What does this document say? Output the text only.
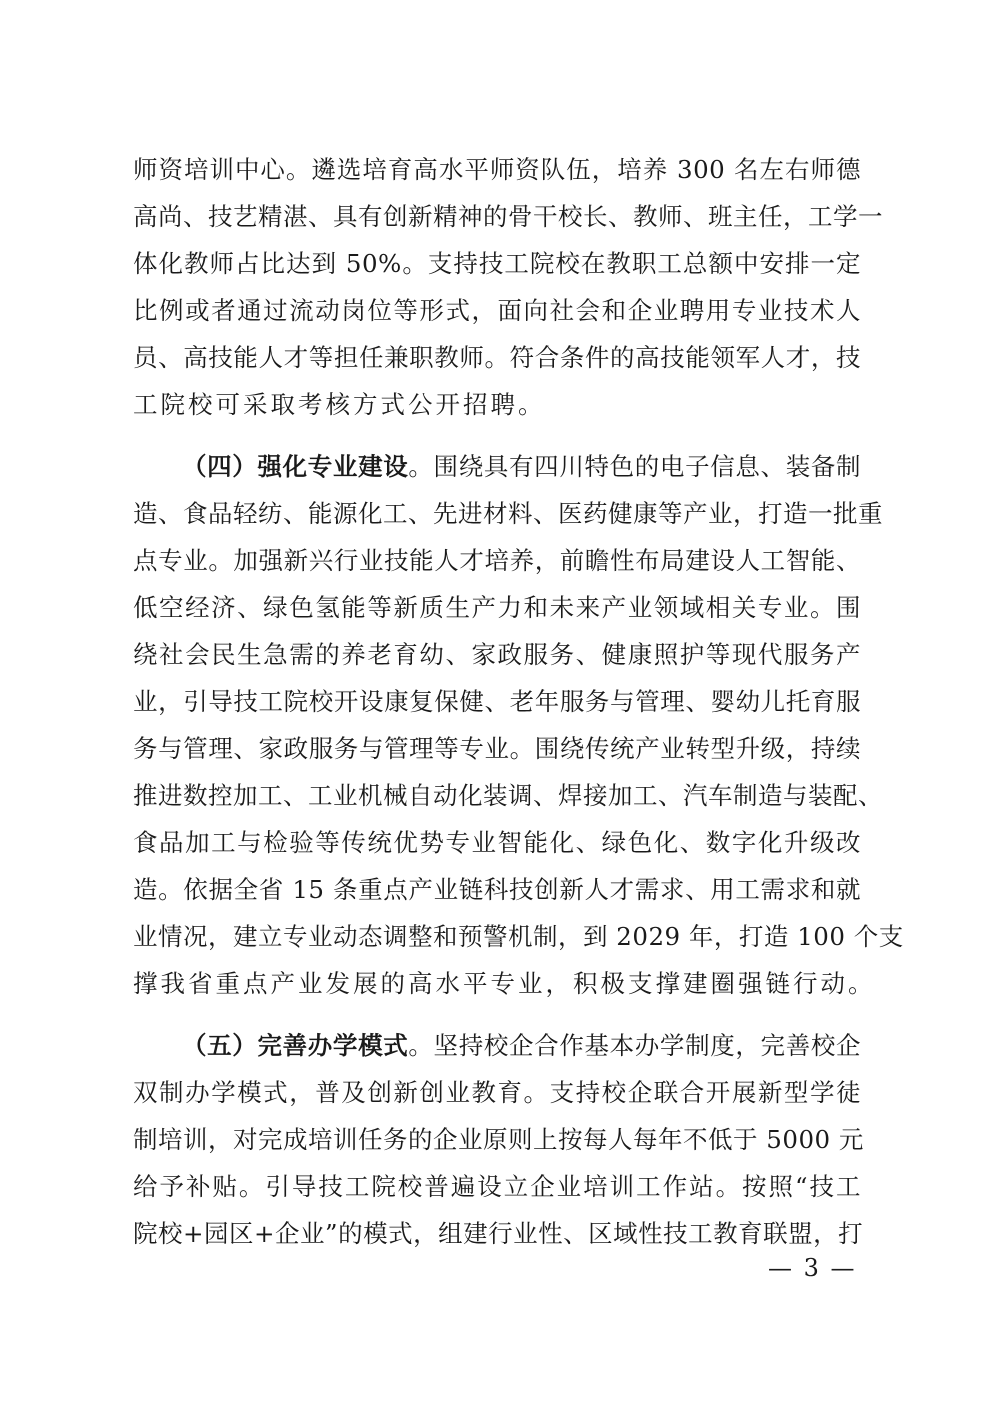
师资培训中心。遴选培育高水平师资队伍，培养 300 名左右师德
高尚、技艺精湛、具有创新精神的骨干校长、教师、班主任，工学一
体化教师占比达到 50%。支持技工院校在教职工总额中安排一定
比例或者通过流动岗位等形式，面向社会和企业聘用专业技术人
员、高技能人才等担任兼职教师。符合条件的高技能领军人才，技
工院校可采取考核方式公开招聘。
（四）强化专业建设。围绕具有四川特色的电子信息、装备制
造、食品轻纺、能源化工、先进材料、医药健康等产业，打造一批重
点专业。加强新兴行业技能人才培养，前瞻性布局建设人工智能、
低空经济、绿色氢能等新质生产力和未来产业领域相关专业。围
绕社会民生急需的养老育幼、家政服务、健康照护等现代服务产
业，引导技工院校开设康复保健、老年服务与管理、婴幼儿托育服
务与管理、家政服务与管理等专业。围绕传统产业转型升级，持续
推进数控加工、工业机械自动化装调、焊接加工、汽车制造与装配、
食品加工与检验等传统优势专业智能化、绿色化、数字化升级改
造。依据全省 15 条重点产业链科技创新人才需求、用工需求和就
业情况，建立专业动态调整和预警机制，到 2029 年，打造 100 个支
撑我省重点产业发展的高水平专业，积极支撑建圈强链行动。
（五）完善办学模式。坚持校企合作基本办学制度，完善校企
双制办学模式，普及创新创业教育。支持校企联合开展新型学徒
制培训，对完成培训任务的企业原则上按每人每年不低于 5000 元
给予补贴。引导技工院校普遍设立企业培训工作站。按照“技工
院校+园区+企业”的模式，组建行业性、区域性技工教育联盟，打
— 3 —
